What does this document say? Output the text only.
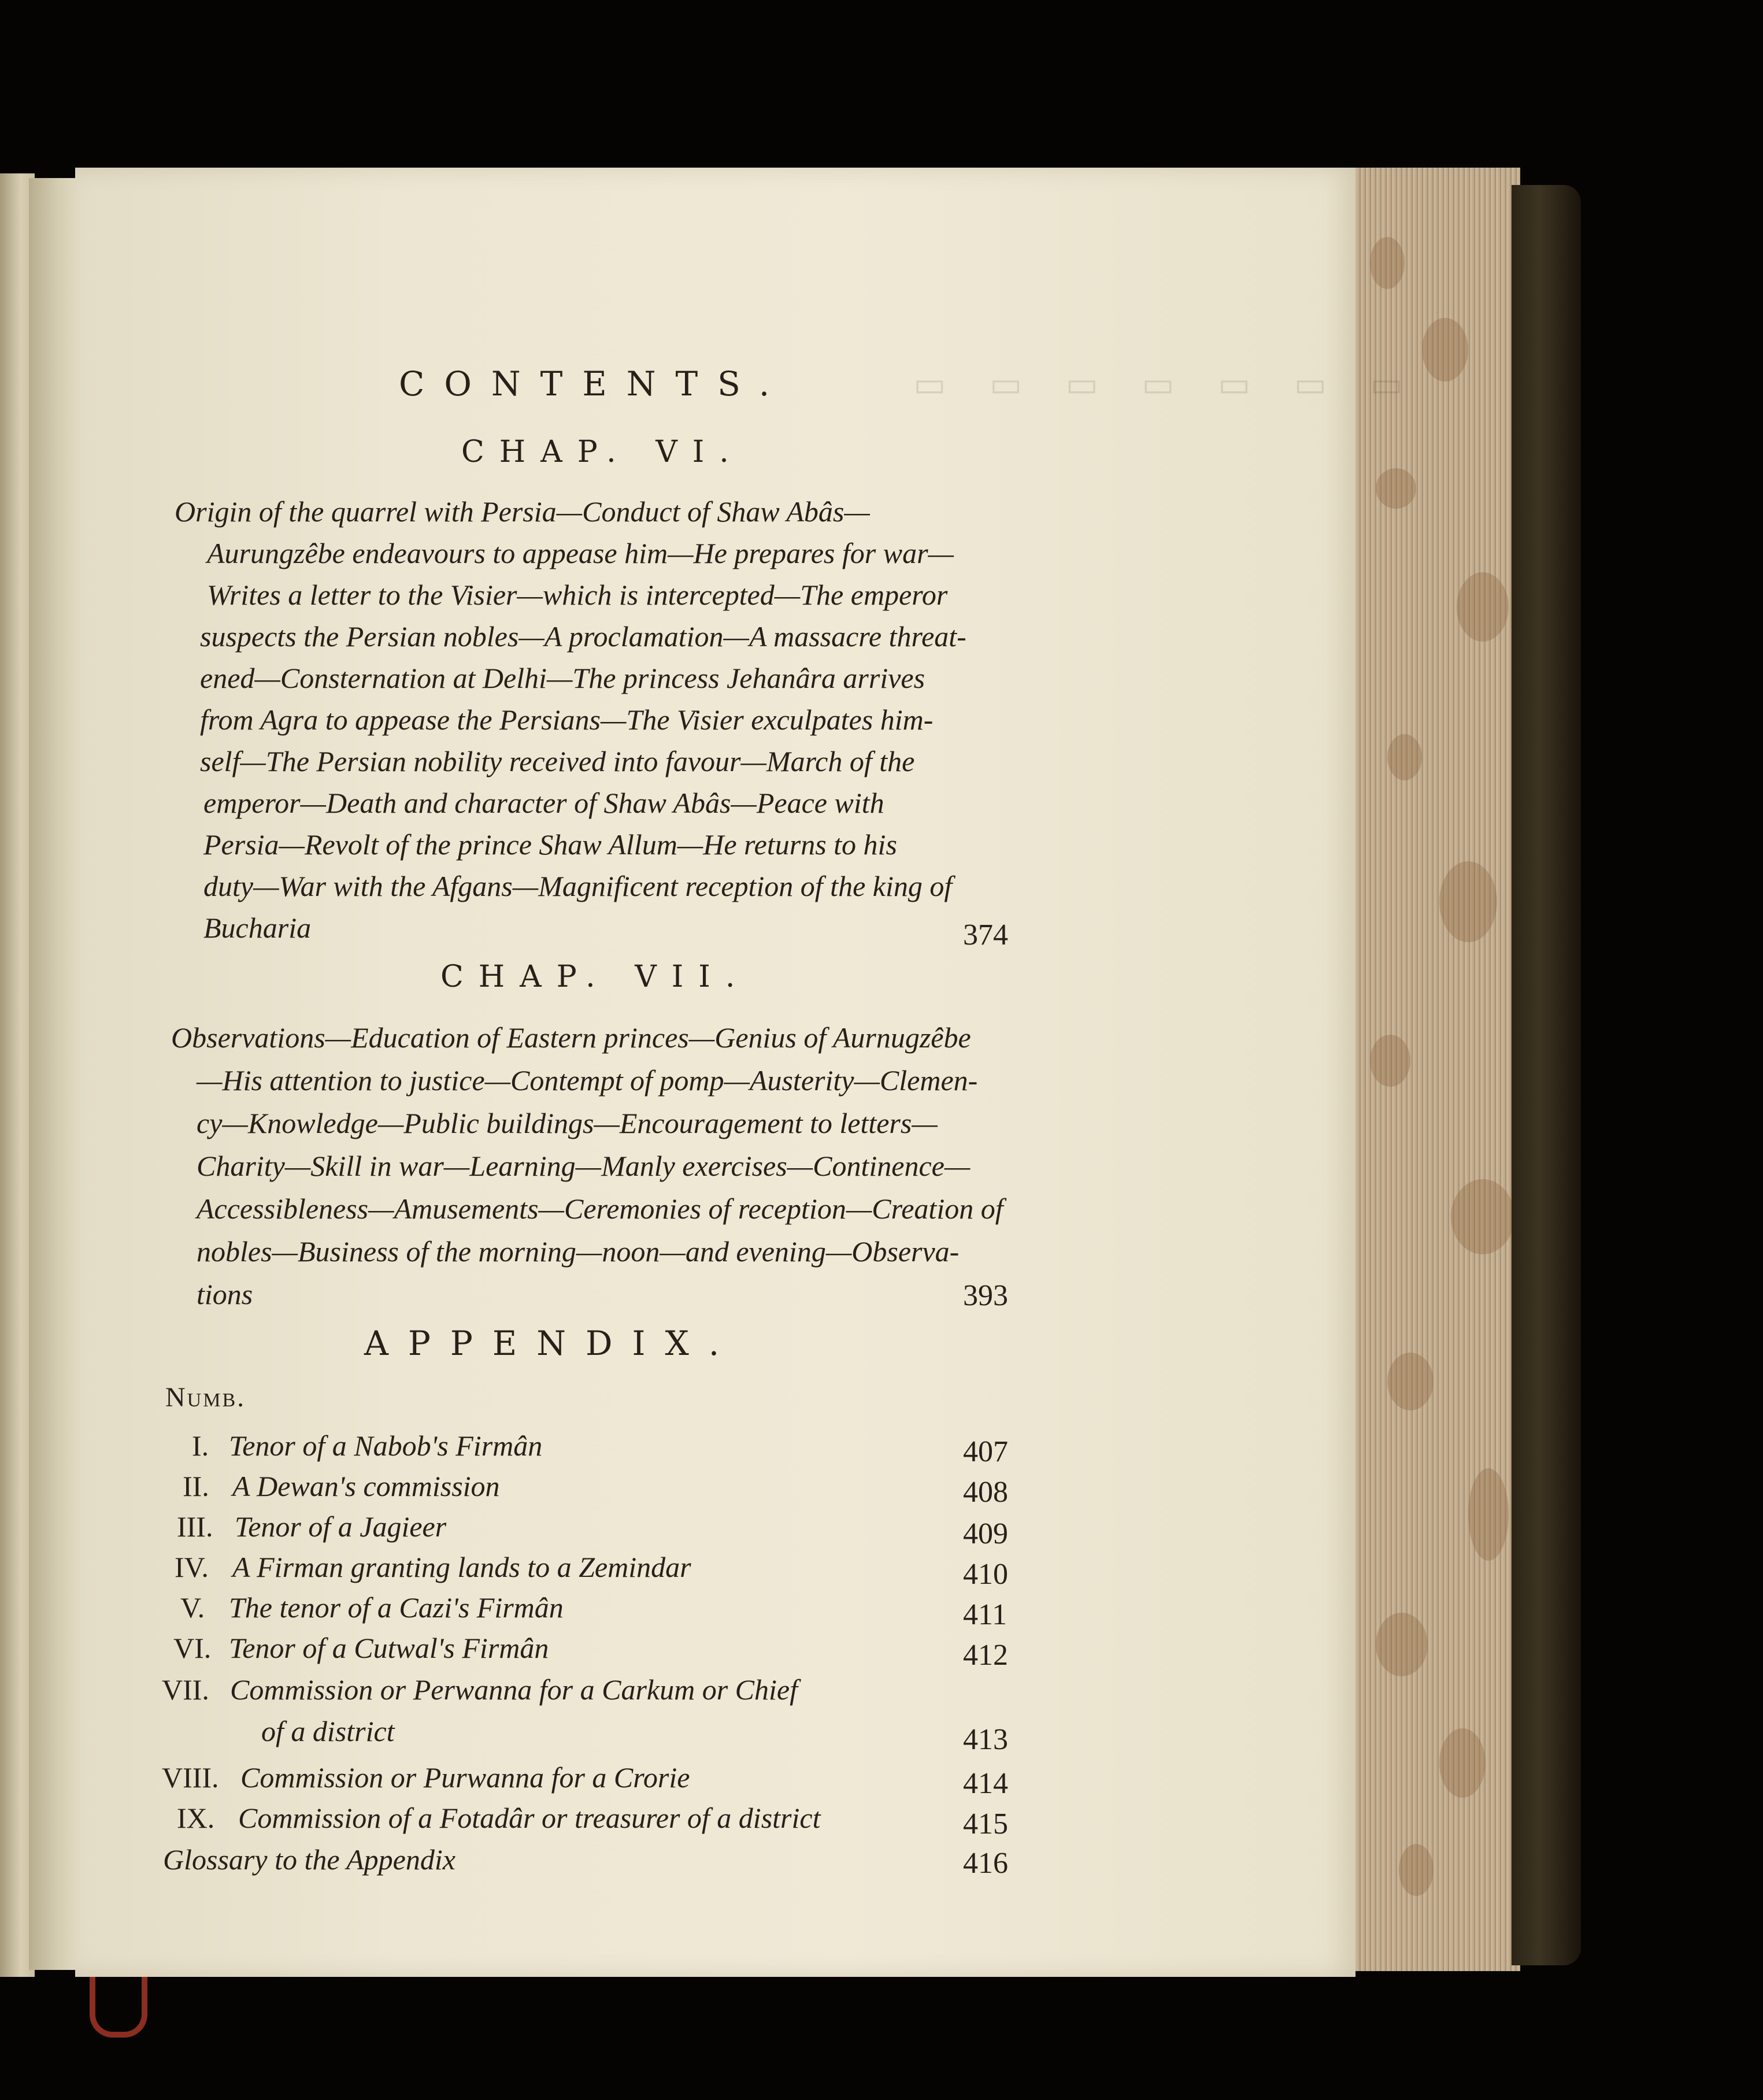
▭ ▭ ▭ ▭ ▭ ▭ ▭
CONTENTS.
CHAP. VI.
Origin of the quarrel with Persia—Conduct of Shaw Abâs—
Aurungzêbe endeavours to appease him—He prepares for war—
Writes a letter to the Visier—which is intercepted—The emperor
suspects the Persian nobles—A proclamation—A massacre threat-
ened—Consternation at Delhi—The princess Jehanâra arrives
from Agra to appease the Persians—The Visier exculpates him-
self—The Persian nobility received into favour—March of the
emperor—Death and character of Shaw Abâs—Peace with
Persia—Revolt of the prince Shaw Allum—He returns to his
duty—War with the Afgans—Magnificent reception of the king of
Bucharia	374
CHAP. VII.
Observations—Education of Eastern princes—Genius of Aurnugzêbe
—His attention to justice—Contempt of pomp—Austerity—Clemen-
cy—Knowledge—Public buildings—Encouragement to letters—
Charity—Skill in war—Learning—Manly exercises—Continence—
Accessibleness—Amusements—Ceremonies of reception—Creation of
nobles—Business of the morning—noon—and evening—Observa-
tions	393
APPENDIX.
Numb.
I. Tenor of a Nabob's Firmân	407
II. A Dewan's commission	408
III. Tenor of a Jagieer	409
IV. A Firman granting lands to a Zemindar	410
V. The tenor of a Cazi's Firmân	411
VI. Tenor of a Cutwal's Firmân	412
VII. Commission or Perwanna for a Carkum or Chief
of a district	413
VIII. Commission or Purwanna for a Crorie	414
IX. Commission of a Fotadâr or treasurer of a district	415
Glossary to the Appendix	416
